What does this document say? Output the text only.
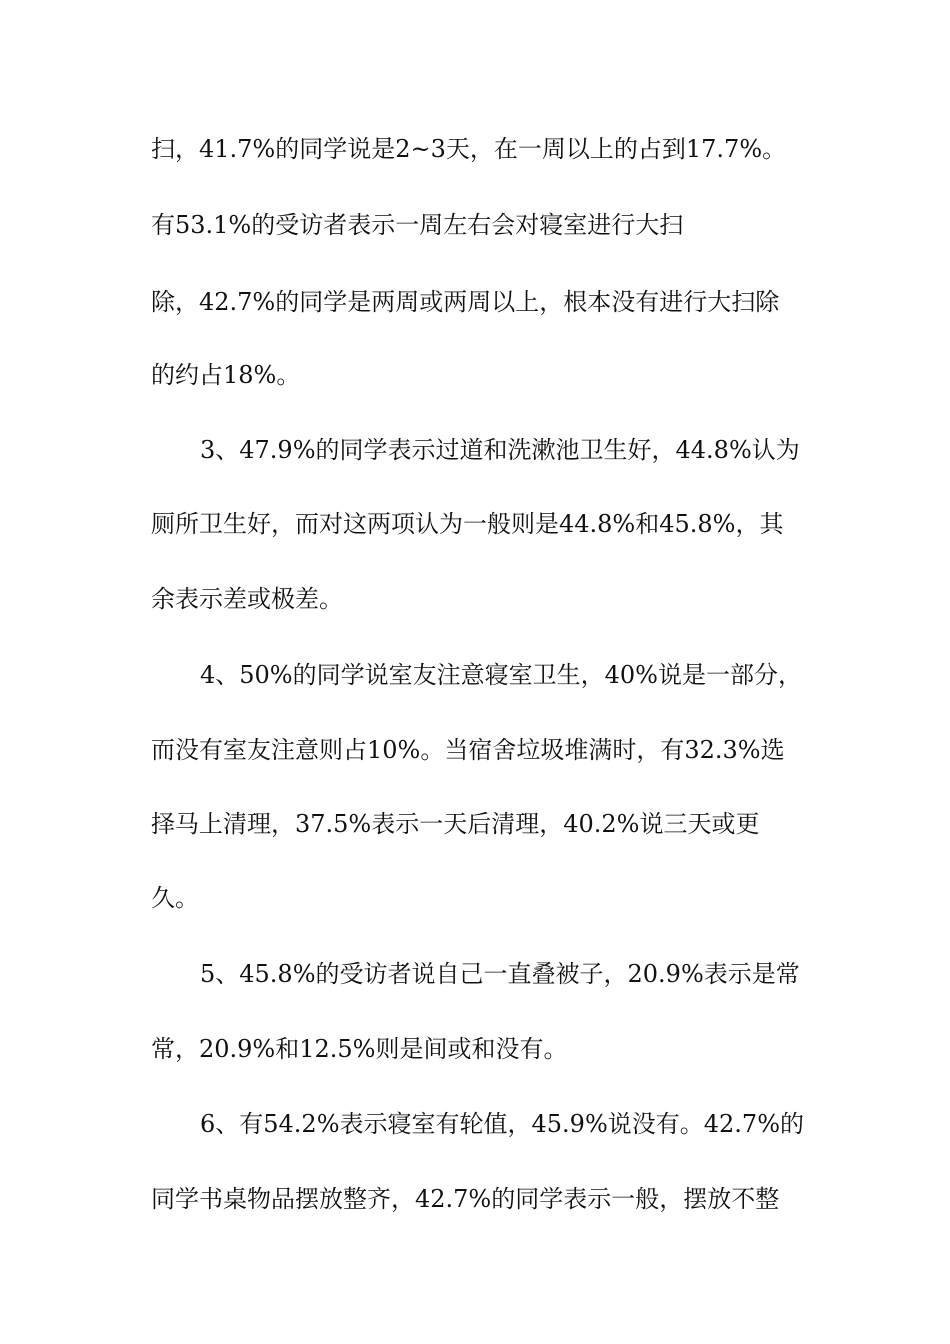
扫，41.7%的同学说是2~3天，在一周以上的占到17.7%。
有53.1%的受访者表示一周左右会对寝室进行大扫
除，42.7%的同学是两周或两周以上，根本没有进行大扫除
的约占18%。
3、47.9%的同学表示过道和洗漱池卫生好，44.8%认为
厕所卫生好，而对这两项认为一般则是44.8%和45.8%，其
余表示差或极差。
4、50%的同学说室友注意寝室卫生，40%说是一部分，
而没有室友注意则占10%。当宿舍垃圾堆满时，有32.3%选
择马上清理，37.5%表示一天后清理，40.2%说三天或更
久。
5、45.8%的受访者说自己一直叠被子，20.9%表示是常
常，20.9%和12.5%则是间或和没有。
6、有54.2%表示寝室有轮值，45.9%说没有。42.7%的
同学书桌物品摆放整齐，42.7%的同学表示一般，摆放不整
